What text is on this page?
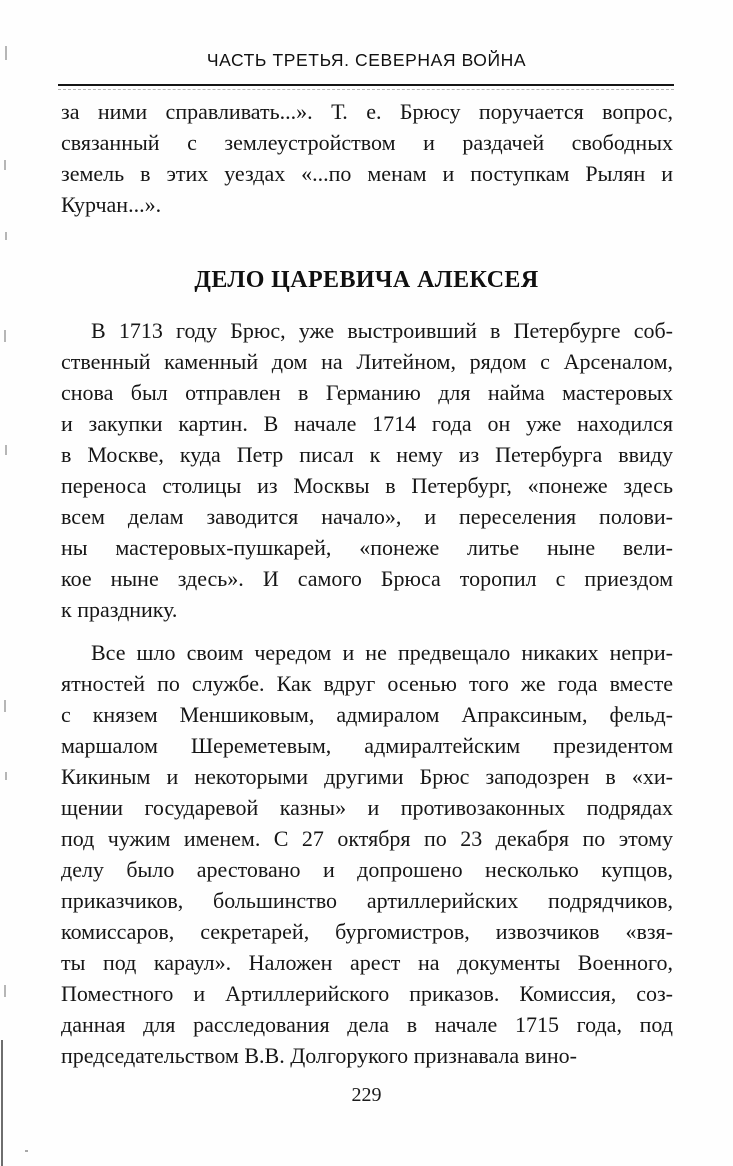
ЧАСТЬ ТРЕТЬЯ. СЕВЕРНАЯ ВОЙНА
за ними справливать...». Т. е. Брюсу поручается вопрос,
связанный с землеустройством и раздачей свободных
земель в этих уездах «...по менам и поступкам Рылян и
Курчан...».
ДЕЛО ЦАРЕВИЧА АЛЕКСЕЯ
В 1713 году Брюс, уже выстроивший в Петербурге соб-
ственный каменный дом на Литейном, рядом с Арсеналом,
снова был отправлен в Германию для найма мастеровых
и закупки картин. В начале 1714 года он уже находился
в Москве, куда Петр писал к нему из Петербурга ввиду
переноса столицы из Москвы в Петербург, «понеже здесь
всем делам заводится начало», и переселения полови-
ны мастеровых-пушкарей, «понеже литье ныне вели-
кое ныне здесь». И самого Брюса торопил с приездом
к празднику.
Все шло своим чередом и не предвещало никаких непри-
ятностей по службе. Как вдруг осенью того же года вместе
с князем Меншиковым, адмиралом Апраксиным, фельд-
маршалом Шереметевым, адмиралтейским президентом
Кикиным и некоторыми другими Брюс заподозрен в «хи-
щении государевой казны» и противозаконных подрядах
под чужим именем. С 27 октября по 23 декабря по этому
делу было арестовано и допрошено несколько купцов,
приказчиков, большинство артиллерийских подрядчиков,
комиссаров, секретарей, бургомистров, извозчиков «взя-
ты под караул». Наложен арест на документы Военного,
Поместного и Артиллерийского приказов. Комиссия, соз-
данная для расследования дела в начале 1715 года, под
председательством В.В. Долгорукого признавала вино-
229
